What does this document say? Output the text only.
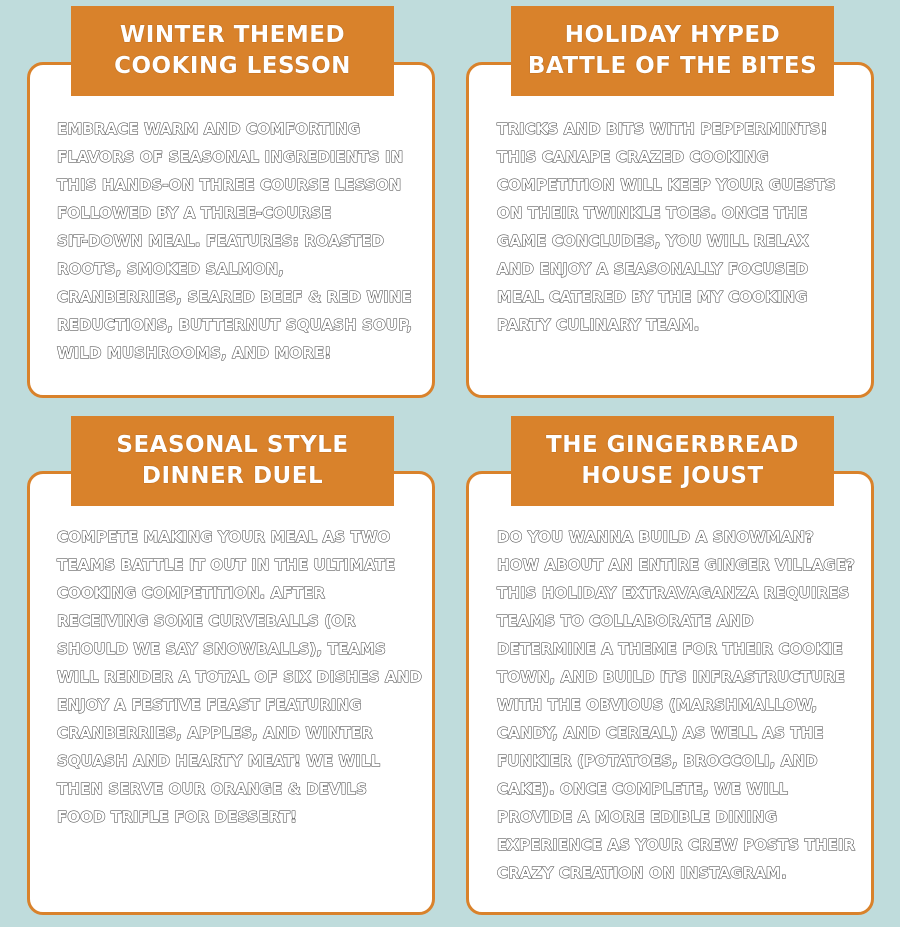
WINTER THEMED
COOKING LESSON

EMBRACE WARM AND COMFORTING
FLAVORS OF SEASONAL INGREDIENTS IN
THIS HANDS-ON THREE COURSE LESSON
FOLLOWED BY A THREE-COURSE
SIT-DOWN MEAL. FEATURES: ROASTED
ROOTS, SMOKED SALMON,
CRANBERRIES, SEARED BEEF & RED WINE
REDUCTIONS, BUTTERNUT SQUASH SOUP,
WILD MUSHROOMS, AND MORE!

HOLIDAY HYPED
BATTLE OF THE BITES

TRICKS AND BITS WITH PEPPERMINTS!
THIS CANAPE CRAZED COOKING
COMPETITION WILL KEEP YOUR GUESTS
ON THEIR TWINKLE TOES. ONCE THE
GAME CONCLUDES, YOU WILL RELAX
AND ENJOY A SEASONALLY FOCUSED
MEAL CATERED BY THE MY COOKING
PARTY CULINARY TEAM.

SEASONAL STYLE
DINNER DUEL

COMPETE MAKING YOUR MEAL AS TWO
TEAMS BATTLE IT OUT IN THE ULTIMATE
COOKING COMPETITION. AFTER
RECEIVING SOME CURVEBALLS (OR
SHOULD WE SAY SNOWBALLS), TEAMS
WILL RENDER A TOTAL OF SIX DISHES AND
ENJOY A FESTIVE FEAST FEATURING
CRANBERRIES, APPLES, AND WINTER
SQUASH AND HEARTY MEAT! WE WILL
THEN SERVE OUR ORANGE & DEVILS
FOOD TRIFLE FOR DESSERT!

THE GINGERBREAD
HOUSE JOUST

DO YOU WANNA BUILD A SNOWMAN?
HOW ABOUT AN ENTIRE GINGER VILLAGE?
THIS HOLIDAY EXTRAVAGANZA REQUIRES
TEAMS TO COLLABORATE AND
DETERMINE A THEME FOR THEIR COOKIE
TOWN, AND BUILD ITS INFRASTRUCTURE
WITH THE OBVIOUS (MARSHMALLOW,
CANDY, AND CEREAL) AS WELL AS THE
FUNKIER (POTATOES, BROCCOLI, AND
CAKE). ONCE COMPLETE, WE WILL
PROVIDE A MORE EDIBLE DINING
EXPERIENCE AS YOUR CREW POSTS THEIR
CRAZY CREATION ON INSTAGRAM.
